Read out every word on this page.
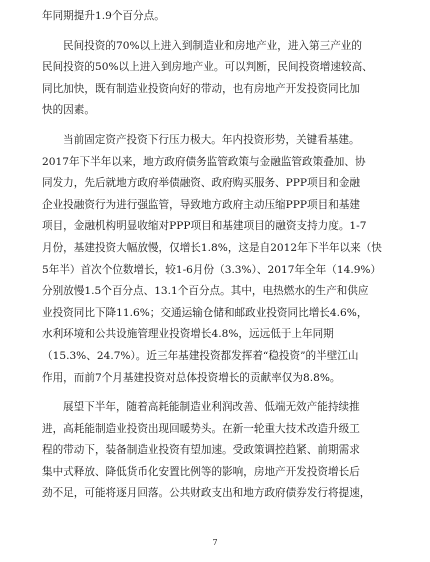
年同期提升1.9个百分点。
民间投资的70%以上进入到制造业和房地产业，进入第三产业的
民间投资的50%以上进入到房地产业。可以判断，民间投资增速较高、
同比加快，既有制造业投资向好的带动，也有房地产开发投资同比加
快的因素。
当前固定资产投资下行压力极大。年内投资形势，关键看基建。
2017年下半年以来，地方政府债务监管政策与金融监管政策叠加、协
同发力，先后就地方政府举债融资、政府购买服务、PPP项目和金融
企业投融资行为进行强监管，导致地方政府主动压缩PPP项目和基建
项目，金融机构明显收缩对PPP项目和基建项目的融资支持力度。1-7
月份，基建投资大幅放慢，仅增长1.8%，这是自2012年下半年以来（快
5年半）首次个位数增长，较1-6月份（3.3%）、2017年全年（14.9%）
分别放慢1.5个百分点、13.1个百分点。其中，电热燃水的生产和供应
业投资同比下降11.6%；交通运输仓储和邮政业投资同比增长4.6%，
水利环境和公共设施管理业投资增长4.8%，远远低于上年同期
（15.3%、24.7%）。近三年基建投资都发挥着“稳投资”的半壁江山
作用，而前7个月基建投资对总体投资增长的贡献率仅为8.8%。
展望下半年，随着高耗能制造业利润改善、低端无效产能持续推
进，高耗能制造业投资出现回暖势头。在新一轮重大技术改造升级工
程的带动下，装备制造业投资有望加速。受政策调控趋紧、前期需求
集中式释放、降低货币化安置比例等的影响，房地产开发投资增长后
劲不足，可能将逐月回落。公共财政支出和地方政府债券发行将提速，
7
